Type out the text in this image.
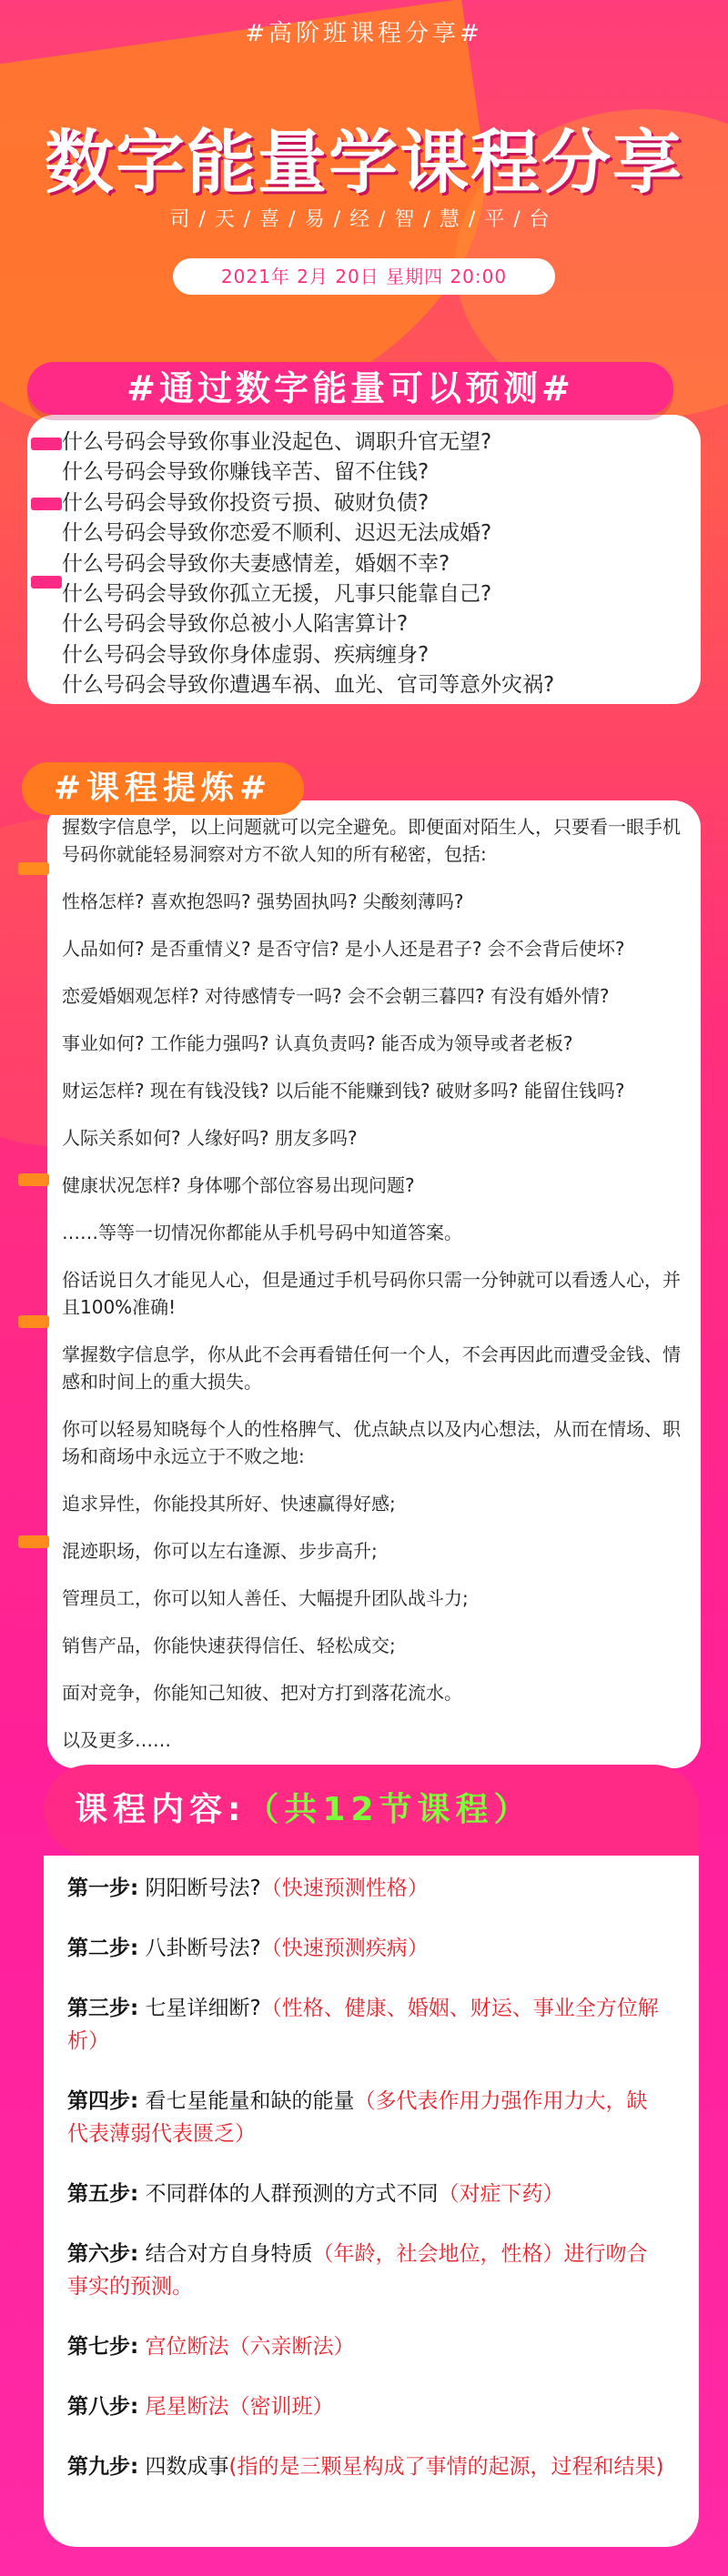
#高阶班课程分享#
数字能量学课程分享
司/天/喜/易/经/智/慧/平/台
2021年 2月 20日 星期四 20:00
#通过数字能量可以预测#
什么号码会导致你事业没起色、调职升官无望?
什么号码会导致你赚钱辛苦、留不住钱?
什么号码会导致你投资亏损、破财负债?
什么号码会导致你恋爱不顺利、迟迟无法成婚?
什么号码会导致你夫妻感情差，婚姻不幸?
什么号码会导致你孤立无援，凡事只能靠自己?
什么号码会导致你总被小人陷害算计?
什么号码会导致你身体虚弱、疾病缠身?
什么号码会导致你遭遇车祸、血光、官司等意外灾祸?
#课程提炼#

握数字信息学，以上问题就可以完全避免。即便面对陌生人，只要看一眼手机号码你就能轻易洞察对方不欲人知的所有秘密，包括:

性格怎样? 喜欢抱怨吗? 强势固执吗? 尖酸刻薄吗?

人品如何? 是否重情义? 是否守信? 是小人还是君子? 会不会背后使坏?

恋爱婚姻观怎样? 对待感情专一吗? 会不会朝三暮四? 有没有婚外情?

事业如何? 工作能力强吗? 认真负责吗? 能否成为领导或者老板?

财运怎样? 现在有钱没钱? 以后能不能赚到钱? 破财多吗? 能留住钱吗?

人际关系如何? 人缘好吗? 朋友多吗?

健康状况怎样? 身体哪个部位容易出现问题?

……等等一切情况你都能从手机号码中知道答案。

俗话说日久才能见人心，但是通过手机号码你只需一分钟就可以看透人心，并且100%准确!

掌握数字信息学，你从此不会再看错任何一个人，不会再因此而遭受金钱、情感和时间上的重大损失。

你可以轻易知晓每个人的性格脾气、优点缺点以及内心想法，从而在情场、职场和商场中永远立于不败之地:

追求异性，你能投其所好、快速赢得好感;

混迹职场，你可以左右逢源、步步高升;

管理员工，你可以知人善任、大幅提升团队战斗力;

销售产品，你能快速获得信任、轻松成交;

面对竞争，你能知己知彼、把对方打到落花流水。

以及更多……

课程内容:（共12节课程）
第一步: 阴阳断号法?（快速预测性格）
第二步: 八卦断号法?（快速预测疾病）
第三步: 七星详细断?（性格、健康、婚姻、财运、事业全方位解析）
第四步: 看七星能量和缺的能量（多代表作用力强作用力大，缺代表薄弱代表匮乏）
第五步: 不同群体的人群预测的方式不同（对症下药）
第六步: 结合对方自身特质（年龄，社会地位，性格）进行吻合事实的预测。
第七步: 宫位断法（六亲断法）
第八步: 尾星断法（密训班）
第九步: 四数成事(指的是三颗星构成了事情的起源，过程和结果)
